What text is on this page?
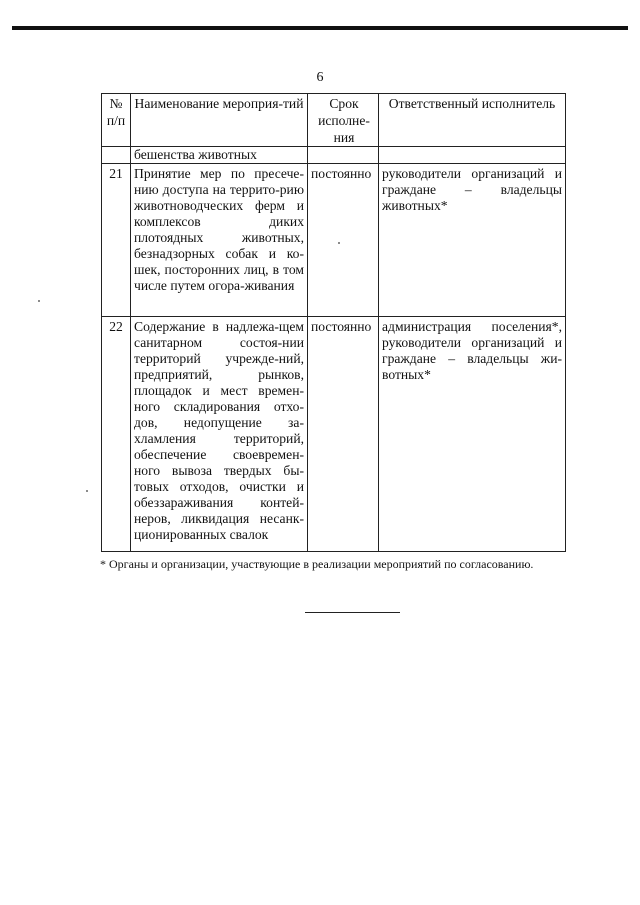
6
№ п/п	Наименование мероприя-тий	Срок исполне-ния	Ответственный исполнитель
	бешенства животных		
21	Принятие мер по пресече-нию доступа на террито-рию животноводческих ферм и комплексов диких плотоядных животных, безнадзорных собак и ко-шек, посторонних лиц, в том числе путем огора-живания	постоянно	руководители организаций и граждане – владельцы животных*
22	Содержание в надлежа-щем санитарном состоя-нии территорий учрежде-ний, предприятий, рынков, площадок и мест времен-ного складирования отхо-дов, недопущение за-хламления территорий, обеспечение своевремен-ного вывоза твердых бы-товых отходов, очистки и обеззараживания контей-неров, ликвидация несанк-ционированных свалок	постоянно	администрация поселения*, руководители организаций и граждане – владельцы жи-вотных*
* Органы и организации, участвующие в реализации мероприятий по согласованию.
